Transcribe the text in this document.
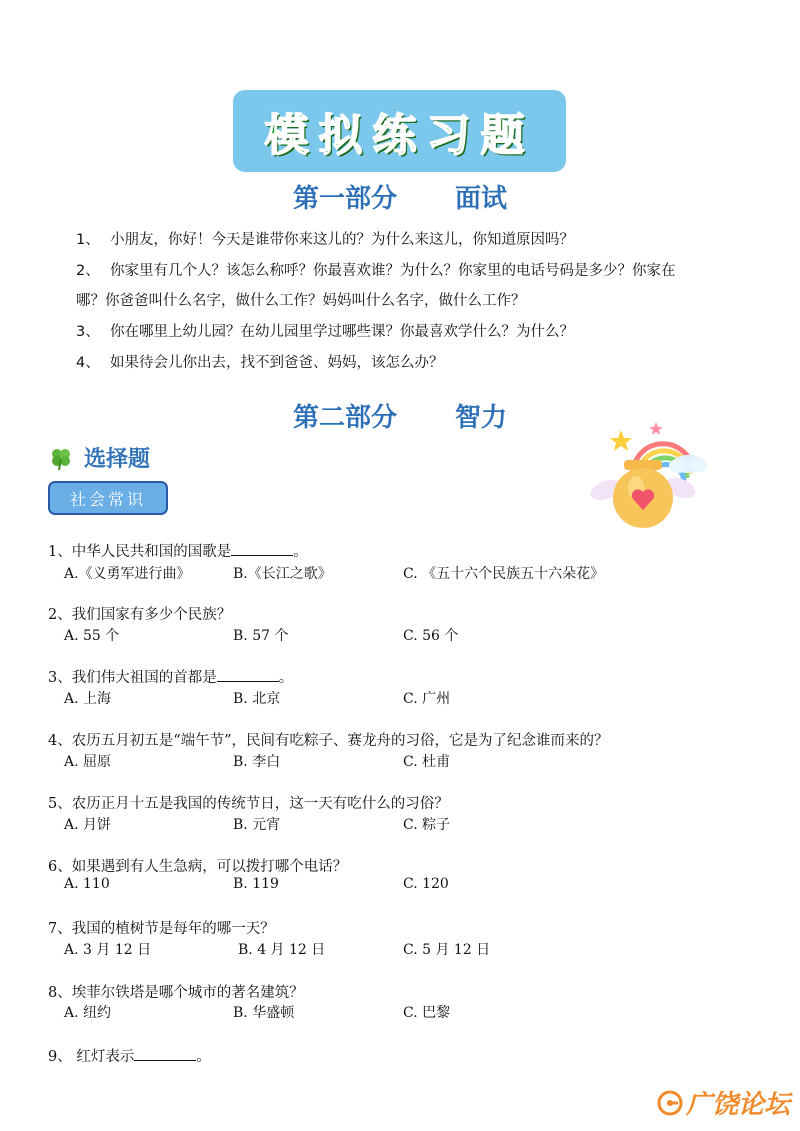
模拟练习题
第一部分 面试
1、 小朋友，你好！今天是谁带你来这儿的？为什么来这儿，你知道原因吗？
2、 你家里有几个人？该怎么称呼？你最喜欢谁？为什么？你家里的电话号码是多少？你家在
哪？你爸爸叫什么名字，做什么工作？妈妈叫什么名字，做什么工作？
3、 你在哪里上幼儿园？在幼儿园里学过哪些课？你最喜欢学什么？为什么？
4、 如果待会儿你出去，找不到爸爸、妈妈，该怎么办？
第二部分 智力
选择题
社会常识
1、中华人民共和国的国歌是	。
A.《义勇军进行曲》	B.《长江之歌》	C. 《五十六个民族五十六朵花》
2、我们国家有多少个民族？
A. 55 个	B. 57 个	C. 56 个
3、我们伟大祖国的首都是	。
A. 上海	B. 北京	C. 广州
4、农历五月初五是“端午节”，民间有吃粽子、赛龙舟的习俗，它是为了纪念谁而来的？
A. 屈原	B. 李白	C. 杜甫
5、农历正月十五是我国的传统节日，这一天有吃什么的习俗？
A. 月饼	B. 元宵	C. 粽子
6、如果遇到有人生急病，可以拨打哪个电话？
A. 110	B. 119	C. 120
7、我国的植树节是每年的哪一天？
A. 3 月 12 日	B. 4 月 12 日	C. 5 月 12 日
8、埃菲尔铁塔是哪个城市的著名建筑？
A. 纽约	B. 华盛顿	C. 巴黎
9、 红灯表示	。
广饶论坛
